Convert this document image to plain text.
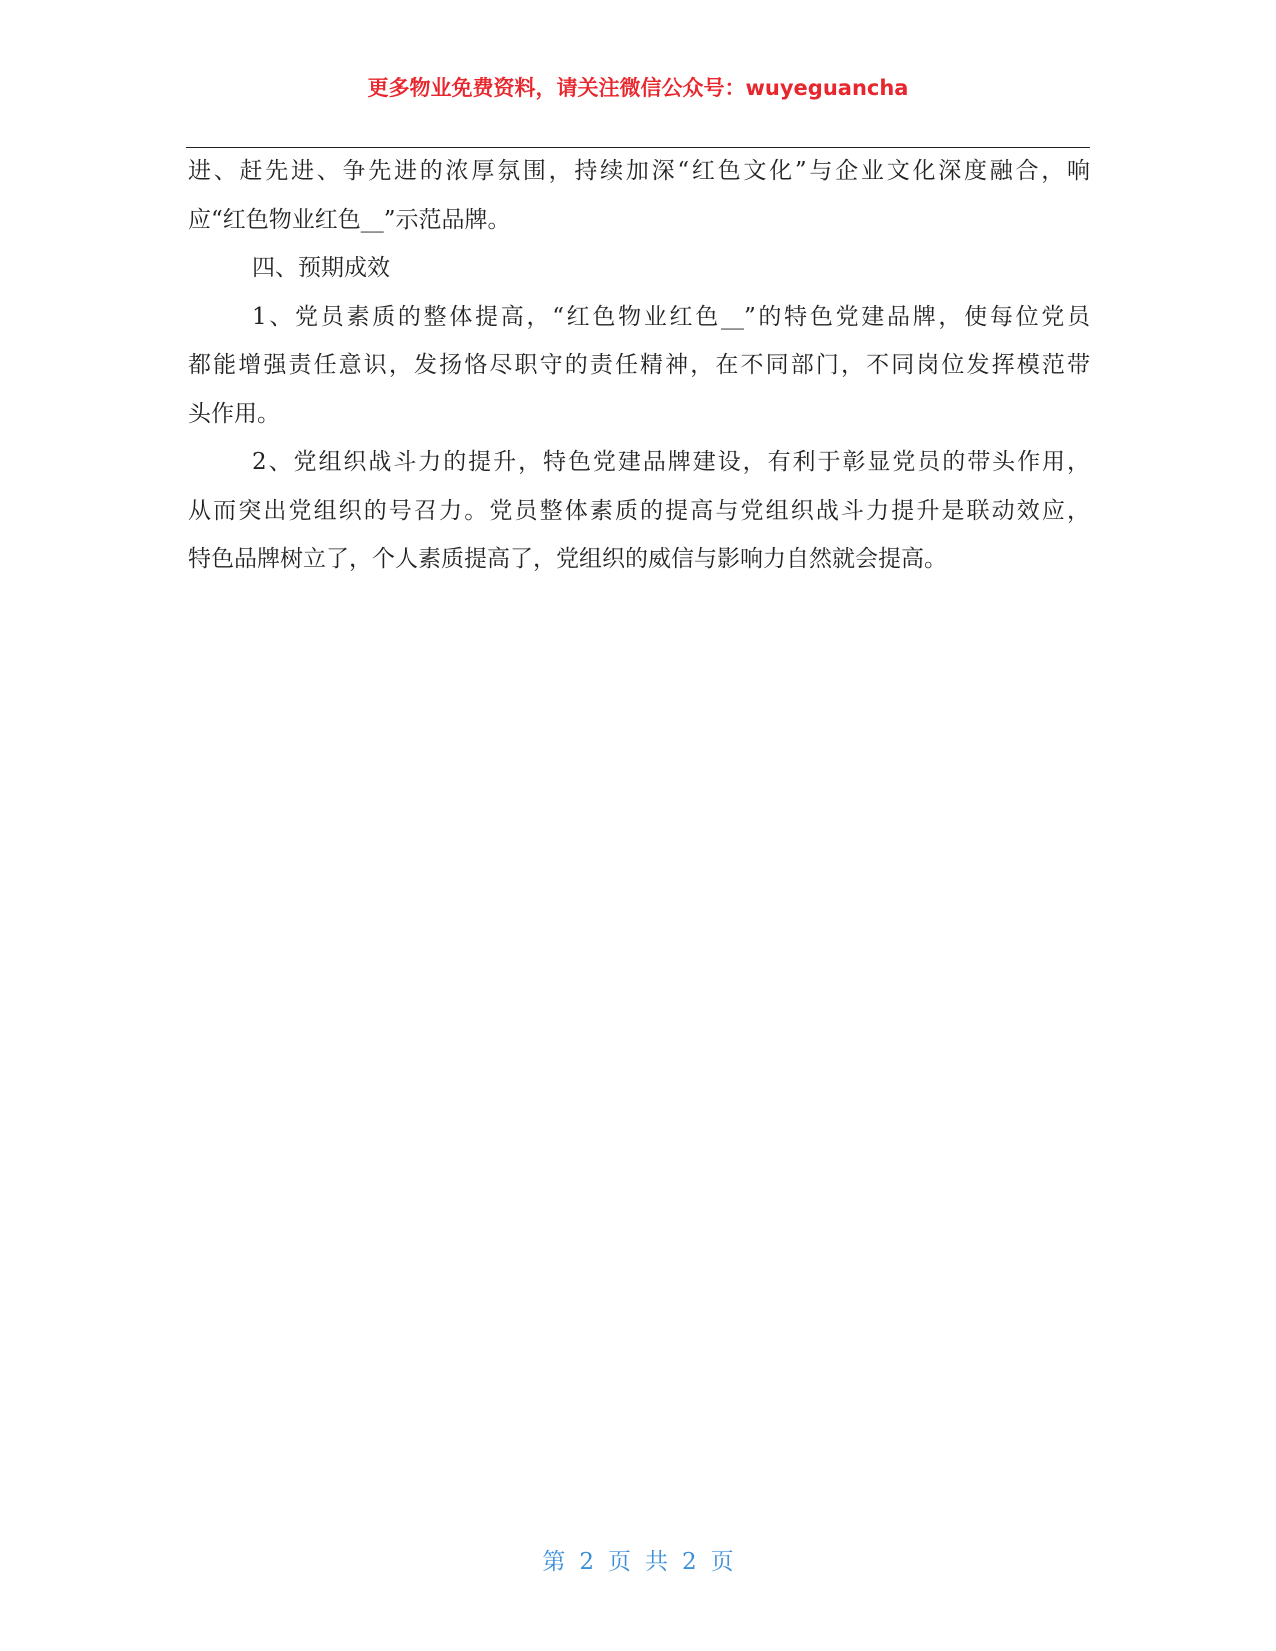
更多物业免费资料，请关注微信公众号：wuyeguancha
进、赶先进、争先进的浓厚氛围，持续加深“红色文化”与企业文化深度融合，响
应“红色物业红色__”示范品牌。
四、预期成效
1、党员素质的整体提高，“红色物业红色__”的特色党建品牌，使每位党员
都能增强责任意识，发扬恪尽职守的责任精神，在不同部门，不同岗位发挥模范带
头作用。
2、党组织战斗力的提升，特色党建品牌建设，有利于彰显党员的带头作用，
从而突出党组织的号召力。党员整体素质的提高与党组织战斗力提升是联动效应，
特色品牌树立了，个人素质提高了，党组织的威信与影响力自然就会提高。
第 2 页 共 2 页
